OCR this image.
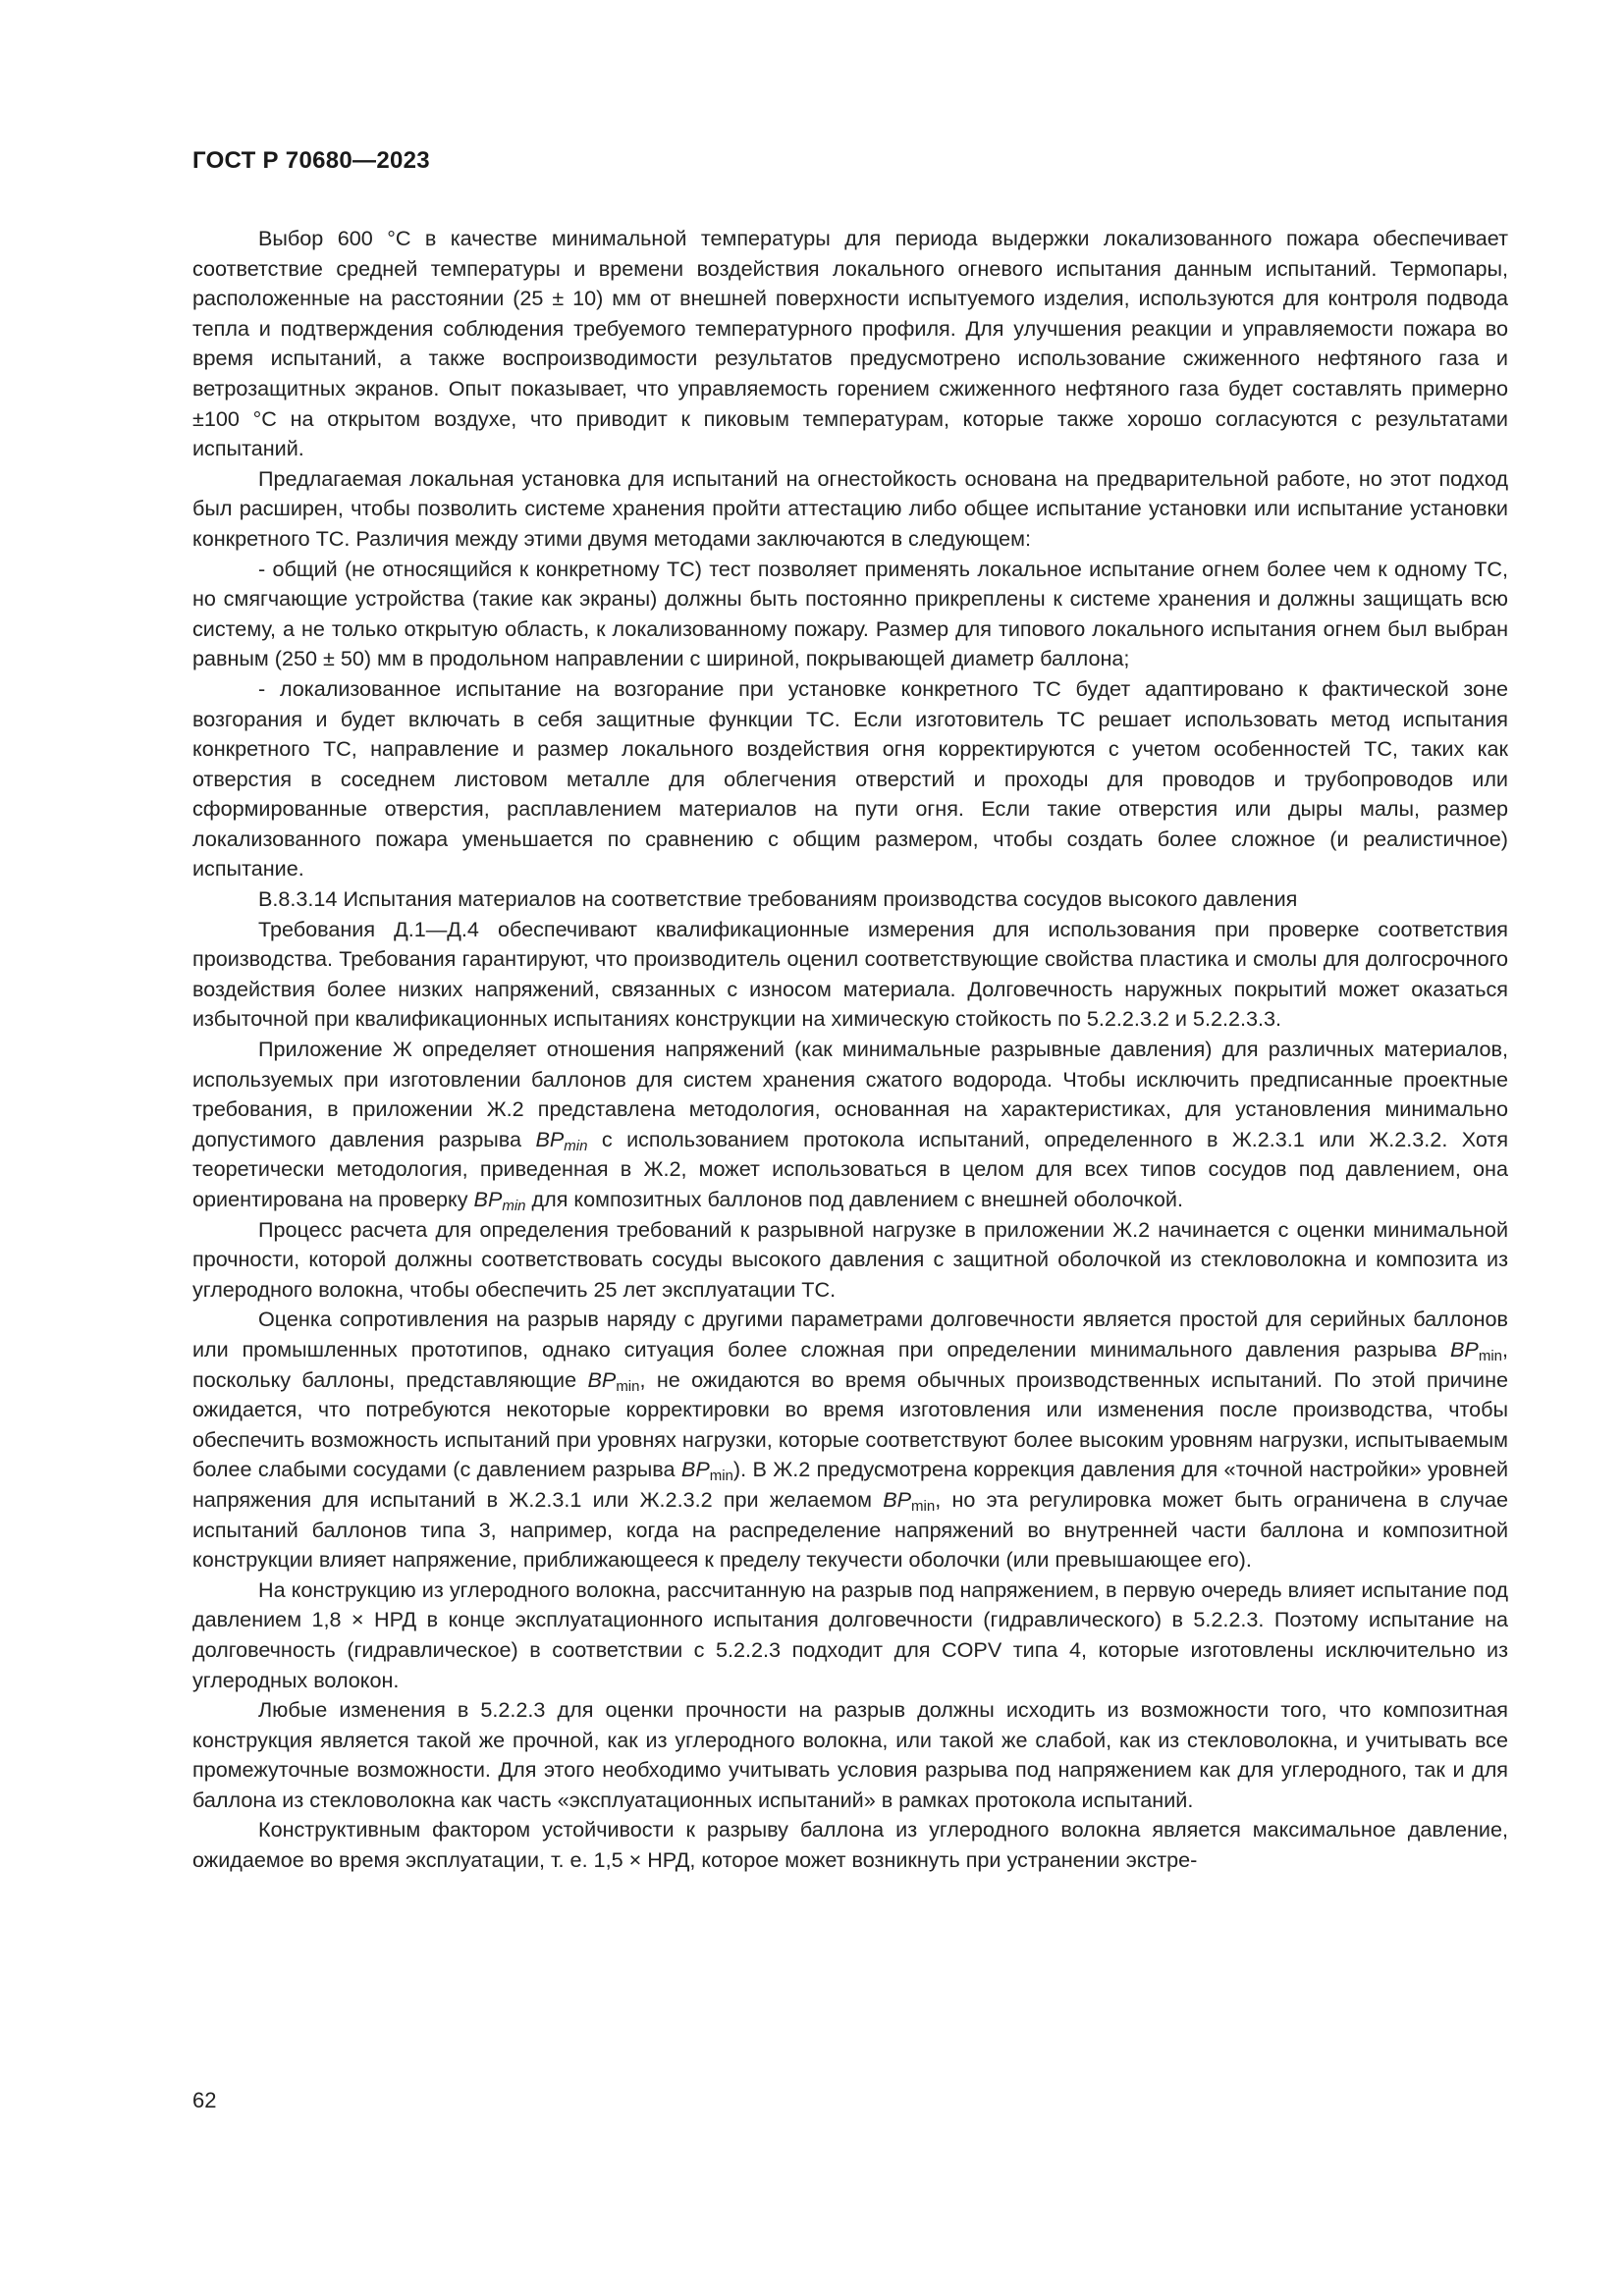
ГОСТ Р 70680—2023

Выбор 600 °C в качестве минимальной температуры для периода выдержки локализованного пожара обеспечивает соответствие средней температуры и времени воздействия локального огневого испытания данным испытаний. Термопары, расположенные на расстоянии (25 ± 10) мм от внешней поверхности испытуемого изделия, используются для контроля подвода тепла и подтверждения соблюдения требуемого температурного профиля. Для улучшения реакции и управляемости пожара во время испытаний, а также воспроизводимости результатов предусмотрено использование сжиженного нефтяного газа и ветрозащитных экранов. Опыт показывает, что управляемость горением сжиженного нефтяного газа будет составлять примерно ±100 °C на открытом воздухе, что приводит к пиковым температурам, которые также хорошо согласуются с результатами испытаний.

Предлагаемая локальная установка для испытаний на огнестойкость основана на предварительной работе, но этот подход был расширен, чтобы позволить системе хранения пройти аттестацию либо общее испытание установки или испытание установки конкретного ТС. Различия между этими двумя методами заключаются в следующем:

- общий (не относящийся к конкретному ТС) тест позволяет применять локальное испытание огнем более чем к одному ТС, но смягчающие устройства (такие как экраны) должны быть постоянно прикреплены к системе хранения и должны защищать всю систему, а не только открытую область, к локализованному пожару. Размер для типового локального испытания огнем был выбран равным (250 ± 50) мм в продольном направлении с шириной, покрывающей диаметр баллона;

- локализованное испытание на возгорание при установке конкретного ТС будет адаптировано к фактической зоне возгорания и будет включать в себя защитные функции ТС. Если изготовитель ТС решает использовать метод испытания конкретного ТС, направление и размер локального воздействия огня корректируются с учетом особенностей ТС, таких как отверстия в соседнем листовом металле для облегчения отверстий и проходы для проводов и трубопроводов или сформированные отверстия, расплавлением материалов на пути огня. Если такие отверстия или дыры малы, размер локализованного пожара уменьшается по сравнению с общим размером, чтобы создать более сложное (и реалистичное) испытание.

В.8.3.14 Испытания материалов на соответствие требованиям производства сосудов высокого давления

Требования Д.1—Д.4 обеспечивают квалификационные измерения для использования при проверке соответствия производства. Требования гарантируют, что производитель оценил соответствующие свойства пластика и смолы для долгосрочного воздействия более низких напряжений, связанных с износом материала. Долговечность наружных покрытий может оказаться избыточной при квалификационных испытаниях конструкции на химическую стойкость по 5.2.2.3.2 и 5.2.2.3.3.

Приложение Ж определяет отношения напряжений (как минимальные разрывные давления) для различных материалов, используемых при изготовлении баллонов для систем хранения сжатого водорода. Чтобы исключить предписанные проектные требования, в приложении Ж.2 представлена методология, основанная на характеристиках, для установления минимально допустимого давления разрыва $BP_{min}$ с использованием протокола испытаний, определенного в Ж.2.3.1 или Ж.2.3.2. Хотя теоретически методология, приведенная в Ж.2, может использоваться в целом для всех типов сосудов под давлением, она ориентирована на проверку $BP_{min}$ для композитных баллонов под давлением с внешней оболочкой.

Процесс расчета для определения требований к разрывной нагрузке в приложении Ж.2 начинается с оценки минимальной прочности, которой должны соответствовать сосуды высокого давления с защитной оболочкой из стекловолокна и композита из углеродного волокна, чтобы обеспечить 25 лет эксплуатации ТС.

Оценка сопротивления на разрыв наряду с другими параметрами долговечности является простой для серийных баллонов или промышленных прототипов, однако ситуация более сложная при определении минимального давления разрыва $BP_{min}$, поскольку баллоны, представляющие $BP_{min}$, не ожидаются во время обычных производственных испытаний. По этой причине ожидается, что потребуются некоторые корректировки во время изготовления или изменения после производства, чтобы обеспечить возможность испытаний при уровнях нагрузки, которые соответствуют более высоким уровням нагрузки, испытываемым более слабыми сосудами (с давлением разрыва $BP_{min}$). В Ж.2 предусмотрена коррекция давления для «точной настройки» уровней напряжения для испытаний в Ж.2.3.1 или Ж.2.3.2 при желаемом $BP_{min}$, но эта регулировка может быть ограничена в случае испытаний баллонов типа 3, например, когда на распределение напряжений во внутренней части баллона и композитной конструкции влияет напряжение, приближающееся к пределу текучести оболочки (или превышающее его).

На конструкцию из углеродного волокна, рассчитанную на разрыв под напряжением, в первую очередь влияет испытание под давлением 1,8 × НРД в конце эксплуатационного испытания долговечности (гидравлического) в 5.2.2.3. Поэтому испытание на долговечность (гидравлическое) в соответствии с 5.2.2.3 подходит для COPV типа 4, которые изготовлены исключительно из углеродных волокон.

Любые изменения в 5.2.2.3 для оценки прочности на разрыв должны исходить из возможности того, что композитная конструкция является такой же прочной, как из углеродного волокна, или такой же слабой, как из стекловолокна, и учитывать все промежуточные возможности. Для этого необходимо учитывать условия разрыва под напряжением как для углеродного, так и для баллона из стекловолокна как часть «эксплуатационных испытаний» в рамках протокола испытаний.

Конструктивным фактором устойчивости к разрыву баллона из углеродного волокна является максимальное давление, ожидаемое во время эксплуатации, т. е. 1,5 × НРД, которое может возникнуть при устранении экстре-

62
